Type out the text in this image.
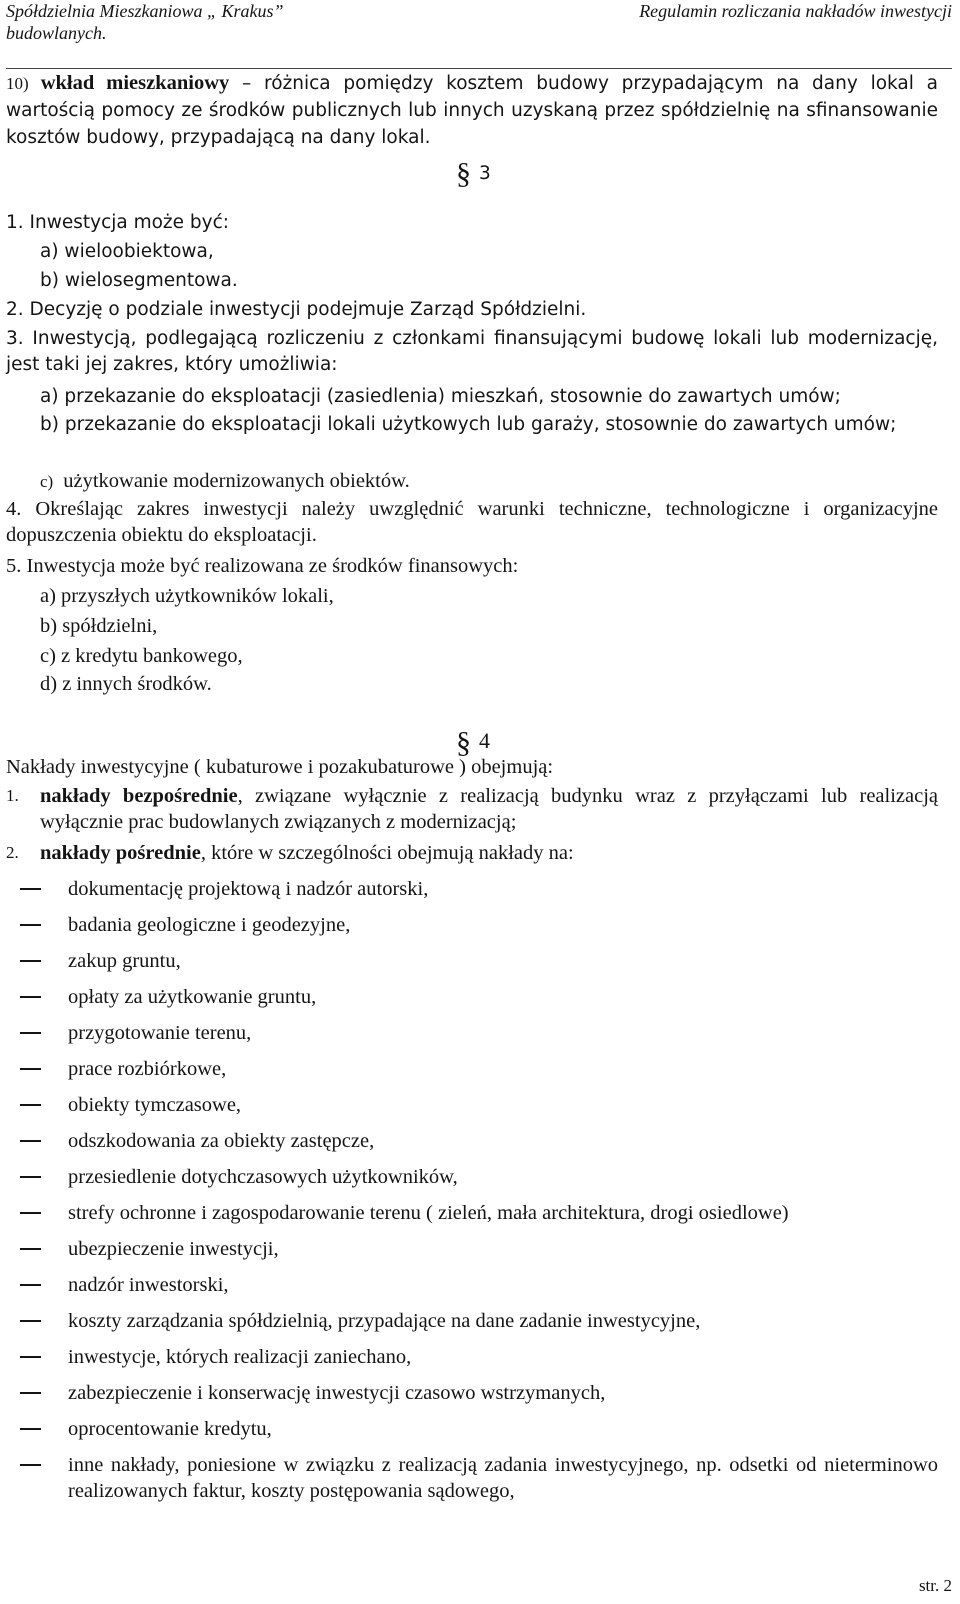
Spółdzielnia Mieszkaniowa „ Krakus”	Regulamin rozliczania nakładów inwestycji
budowlanych.
10) wkład mieszkaniowy – różnica pomiędzy kosztem budowy przypadającym na dany lokal a wartością pomocy ze środków publicznych lub innych uzyskaną przez spółdzielnię na sfinansowanie kosztów budowy, przypadającą na dany lokal.
§ 3
1. Inwestycja może być:
a) wieloobiektowa,
b) wielosegmentowa.
2. Decyzję o podziale inwestycji podejmuje Zarząd Spółdzielni.
3. Inwestycją, podlegającą rozliczeniu z członkami finansującymi budowę lokali lub modernizację, jest taki jej zakres, który umożliwia:
a) przekazanie do eksploatacji (zasiedlenia) mieszkań, stosownie do zawartych umów;
b) przekazanie do eksploatacji lokali użytkowych lub garaży, stosownie do zawartych umów;
c) użytkowanie modernizowanych obiektów.
4. Określając zakres inwestycji należy uwzględnić warunki techniczne, technologiczne i organizacyjne dopuszczenia obiektu do eksploatacji.
5. Inwestycja może być realizowana ze środków finansowych:
a) przyszłych użytkowników lokali,
b) spółdzielni,
c) z kredytu bankowego,
d) z innych środków.
§ 4
Nakłady inwestycyjne ( kubaturowe i pozakubaturowe ) obejmują:
1. nakłady bezpośrednie, związane wyłącznie z realizacją budynku wraz z przyłączami lub realizacją wyłącznie prac budowlanych związanych z modernizacją;
2. nakłady pośrednie, które w szczególności obejmują nakłady na:
dokumentację projektową i nadzór autorski,
badania geologiczne i geodezyjne,
zakup gruntu,
opłaty za użytkowanie gruntu,
przygotowanie terenu,
prace rozbiórkowe,
obiekty tymczasowe,
odszkodowania za obiekty zastępcze,
przesiedlenie dotychczasowych użytkowników,
strefy ochronne i zagospodarowanie terenu ( zieleń, mała architektura, drogi osiedlowe)
ubezpieczenie inwestycji,
nadzór inwestorski,
koszty zarządzania spółdzielnią, przypadające na dane zadanie inwestycyjne,
inwestycje, których realizacji zaniechano,
zabezpieczenie i konserwację inwestycji czasowo wstrzymanych,
oprocentowanie kredytu,
inne nakłady, poniesione w związku z realizacją zadania inwestycyjnego, np. odsetki od nieterminowo realizowanych faktur, koszty postępowania sądowego,
str. 2
